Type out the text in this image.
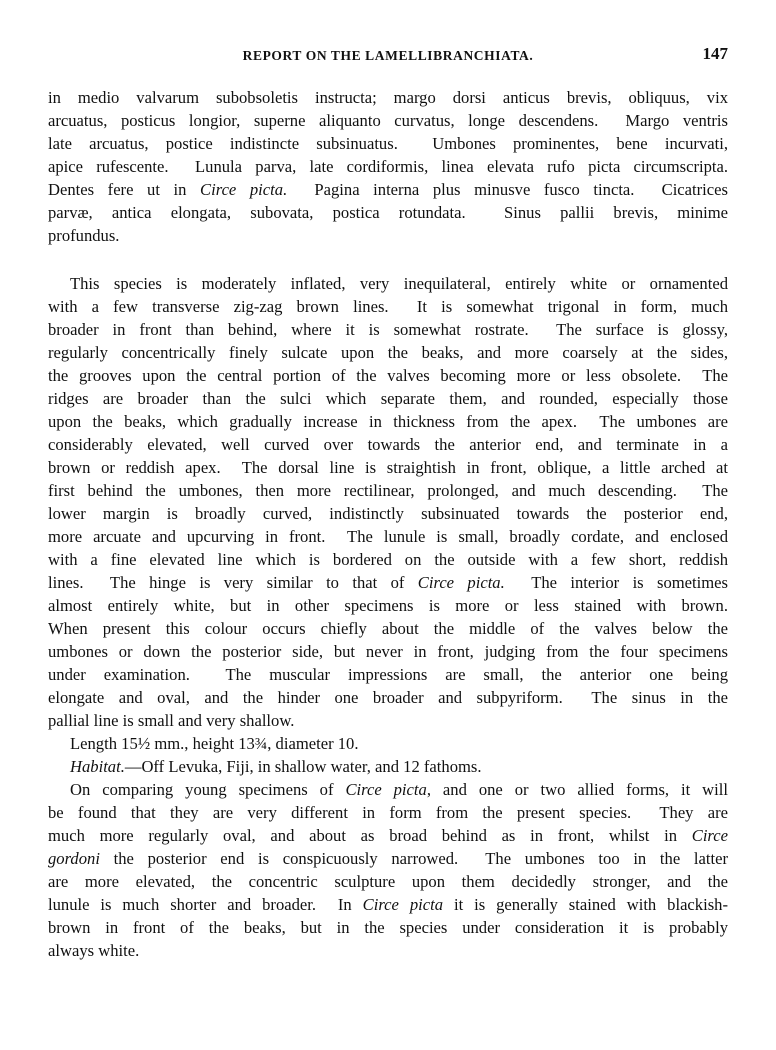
REPORT ON THE LAMELLIBRANCHIATA.	147
in medio valvarum subobsoletis instructa; margo dorsi anticus brevis, obliquus, vix
arcuatus, posticus longior, superne aliquanto curvatus, longe descendens.  Margo ventris
late arcuatus, postice indistincte subsinuatus.  Umbones prominentes, bene incurvati,
apice rufescente.  Lunula parva, late cordiformis, linea elevata rufo picta circumscripta.
Dentes fere ut in Circe picta.  Pagina interna plus minusve fusco tincta.  Cicatrices
parvæ, antica elongata, subovata, postica rotundata.  Sinus pallii brevis, minime
profundus.
This species is moderately inflated, very inequilateral, entirely white or ornamented
with a few transverse zig-zag brown lines.  It is somewhat trigonal in form, much
broader in front than behind, where it is somewhat rostrate.  The surface is glossy,
regularly concentrically finely sulcate upon the beaks, and more coarsely at the sides,
the grooves upon the central portion of the valves becoming more or less obsolete.  The
ridges are broader than the sulci which separate them, and rounded, especially those
upon the beaks, which gradually increase in thickness from the apex.  The umbones are
considerably elevated, well curved over towards the anterior end, and terminate in a
brown or reddish apex.  The dorsal line is straightish in front, oblique, a little arched at
first behind the umbones, then more rectilinear, prolonged, and much descending.  The
lower margin is broadly curved, indistinctly subsinuated towards the posterior end,
more arcuate and upcurving in front.  The lunule is small, broadly cordate, and enclosed
with a fine elevated line which is bordered on the outside with a few short, reddish
lines.  The hinge is very similar to that of Circe picta.  The interior is sometimes
almost entirely white, but in other specimens is more or less stained with brown.
When present this colour occurs chiefly about the middle of the valves below the
umbones or down the posterior side, but never in front, judging from the four specimens
under examination.  The muscular impressions are small, the anterior one being
elongate and oval, and the hinder one broader and subpyriform.  The sinus in the
pallial line is small and very shallow.
Length 15½ mm., height 13¾, diameter 10.
Habitat.—Off Levuka, Fiji, in shallow water, and 12 fathoms.
On comparing young specimens of Circe picta, and one or two allied forms, it will
be found that they are very different in form from the present species.  They are
much more regularly oval, and about as broad behind as in front, whilst in Circe
gordoni the posterior end is conspicuously narrowed.  The umbones too in the latter
are more elevated, the concentric sculpture upon them decidedly stronger, and the
lunule is much shorter and broader.  In Circe picta it is generally stained with blackish-
brown in front of the beaks, but in the species under consideration it is probably
always white.
